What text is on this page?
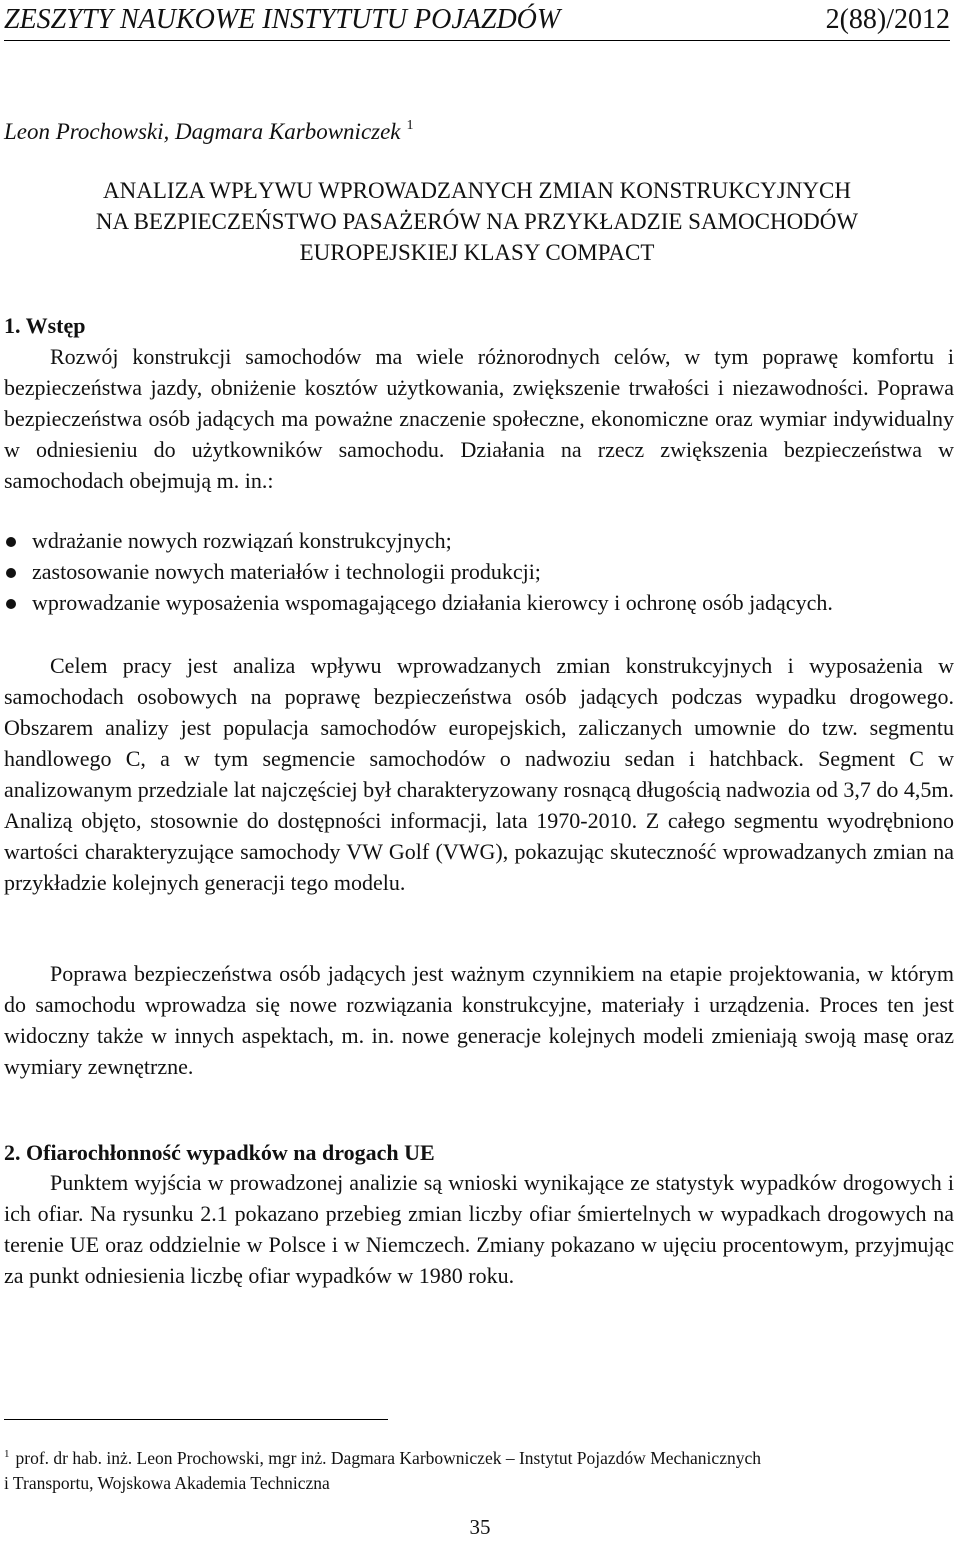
ZESZYTY NAUKOWE INSTYTUTU POJAZDÓW	2(88)/2012
Leon Prochowski, Dagmara Karbowniczek $^1$
ANALIZA WPŁYWU WPROWADZANYCH ZMIAN KONSTRUKCYJNYCH
NA BEZPIECZEŃSTWO PASAŻERÓW NA PRZYKŁADZIE SAMOCHODÓW
EUROPEJSKIEJ KLASY COMPACT
1. Wstęp
Rozwój konstrukcji samochodów ma wiele różnorodnych celów, w tym poprawę komfortu i bezpieczeństwa jazdy, obniżenie kosztów użytkowania, zwiększenie trwałości i niezawodności. Poprawa bezpieczeństwa osób jadących ma poważne znaczenie społeczne, ekonomiczne oraz wymiar indywidualny w odniesieniu do użytkowników samochodu. Działania na rzecz zwiększenia bezpieczeństwa w samochodach obejmują m. in.:
wdrażanie nowych rozwiązań konstrukcyjnych;
zastosowanie nowych materiałów i technologii produkcji;
wprowadzanie wyposażenia wspomagającego działania kierowcy i ochronę osób jadących.
Celem pracy jest analiza wpływu wprowadzanych zmian konstrukcyjnych i wyposażenia w samochodach osobowych na poprawę bezpieczeństwa osób jadących podczas wypadku drogowego. Obszarem analizy jest populacja samochodów europejskich, zaliczanych umownie do tzw. segmentu handlowego C, a w tym segmencie samochodów o nadwoziu sedan i hatchback. Segment C w analizowanym przedziale lat najczęściej był charakteryzowany rosnącą długością nadwozia od 3,7 do 4,5m. Analizą objęto, stosownie do dostępności informacji, lata 1970-2010. Z całego segmentu wyodrębniono wartości charakteryzujące samochody VW Golf (VWG), pokazując skuteczność wprowadzanych zmian na przykładzie kolejnych generacji tego modelu.
Poprawa bezpieczeństwa osób jadących jest ważnym czynnikiem na etapie projektowania, w którym do samochodu wprowadza się nowe rozwiązania konstrukcyjne, materiały i urządzenia. Proces ten jest widoczny także w innych aspektach, m. in. nowe generacje kolejnych modeli zmieniają swoją masę oraz wymiary zewnętrzne.
2. Ofiarochłonność wypadków na drogach UE
Punktem wyjścia w prowadzonej analizie są wnioski wynikające ze statystyk wypadków drogowych i ich ofiar. Na rysunku 2.1 pokazano przebieg zmian liczby ofiar śmiertelnych w wypadkach drogowych na terenie UE oraz oddzielnie w Polsce i w Niemczech. Zmiany pokazano w ujęciu procentowym, przyjmując za punkt odniesienia liczbę ofiar wypadków w 1980 roku.
$^1$ prof. dr hab. inż. Leon Prochowski, mgr inż. Dagmara Karbowniczek – Instytut Pojazdów Mechanicznych
i Transportu, Wojskowa Akademia Techniczna
35
